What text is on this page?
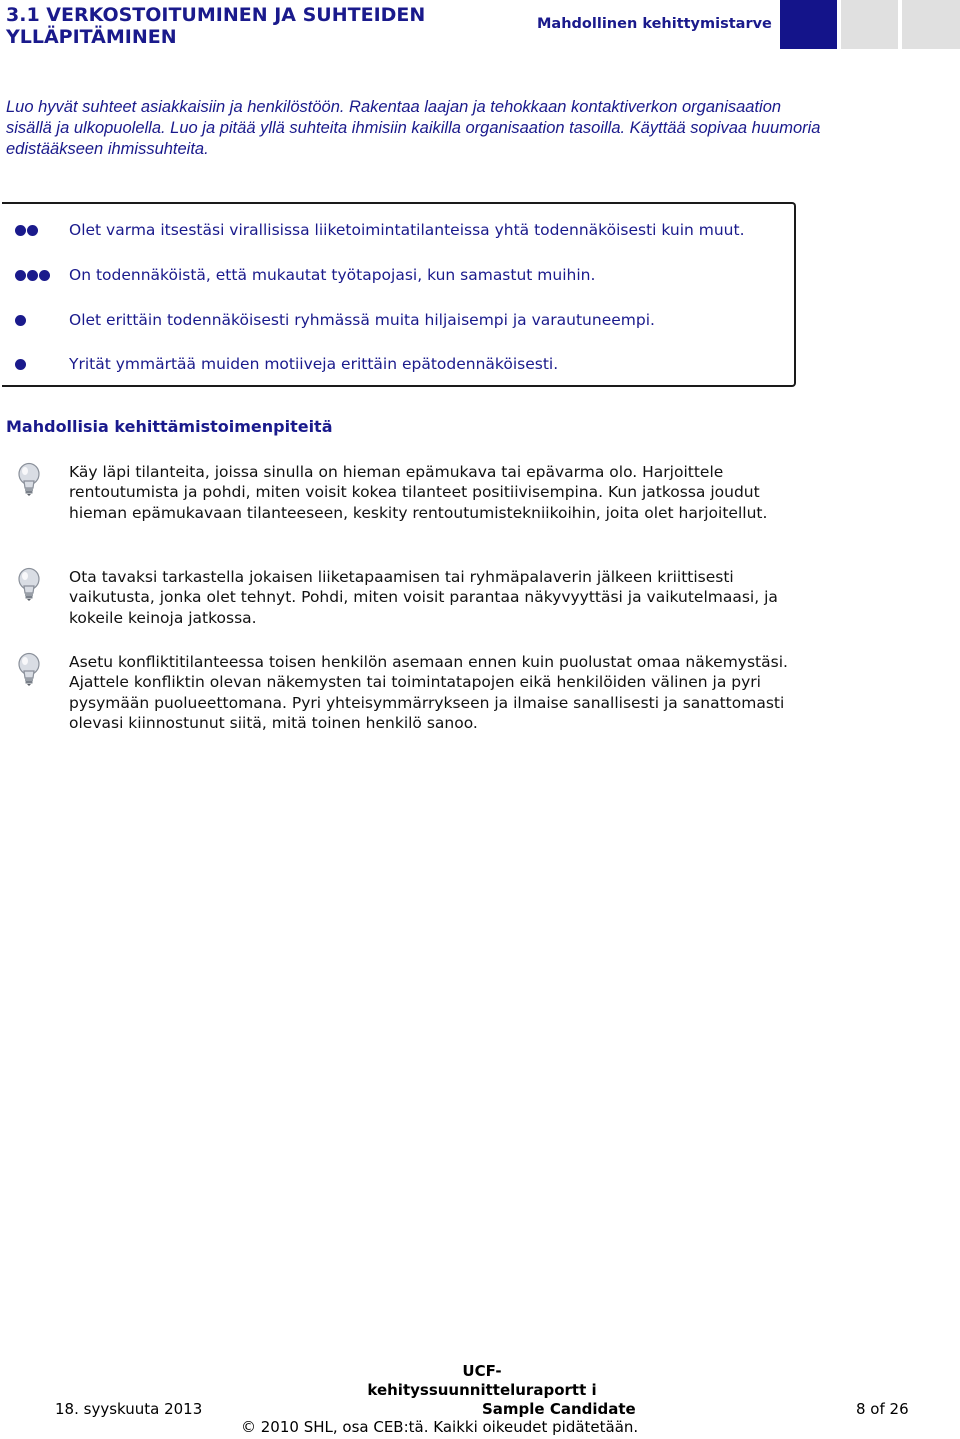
3.1 VERKOSTOITUMINEN JA SUHTEIDEN YLLÄPITÄMINEN
Mahdollinen kehittymistarve

Luo hyvät suhteet asiakkaisiin ja henkilöstöön. Rakentaa laajan ja tehokkaan kontaktiverkon organisaation sisällä ja ulkopuolella. Luo ja pitää yllä suhteita ihmisiin kaikilla organisaation tasoilla. Käyttää sopivaa huumoria edistääkseen ihmissuhteita.

Olet varma itsestäsi virallisissa liiketoimintatilanteissa yhtä todennäköisesti kuin muut.
On todennäköistä, että mukautat työtapojasi, kun samastut muihin.
Olet erittäin todennäköisesti ryhmässä muita hiljaisempi ja varautuneempi.
Yrität ymmärtää muiden motiiveja erittäin epätodennäköisesti.
Mahdollisia kehittämistoimenpiteitä

Käy läpi tilanteita, joissa sinulla on hieman epämukava tai epävarma olo. Harjoittele rentoutumista ja pohdi, miten voisit kokea tilanteet positiivisempina. Kun jatkossa joudut hieman epämukavaan tilanteeseen, keskity rentoutumistekniikoihin, joita olet harjoitellut.

Ota tavaksi tarkastella jokaisen liiketapaamisen tai ryhmäpalaverin jälkeen kriittisesti vaikutusta, jonka olet tehnyt. Pohdi, miten voisit parantaa näkyvyyttäsi ja vaikutelmaasi, ja kokeile keinoja jatkossa.

Asetu konfliktitilanteessa toisen henkilön asemaan ennen kuin puolustat omaa näkemystäsi. Ajattele konfliktin olevan näkemysten tai toimintatapojen eikä henkilöiden välinen ja pyri pysymään puolueettomana. Pyri yhteisymmärrykseen ja ilmaise sanallisesti ja sanattomasti olevasi kiinnostunut siitä, mitä toinen henkilö sanoo.

18. syyskuuta 2013
UCF-kehityssuunnitteluraportt i
Sample Candidate	8 of 26
© 2010 SHL, osa CEB:tä. Kaikki oikeudet pidätetään.
